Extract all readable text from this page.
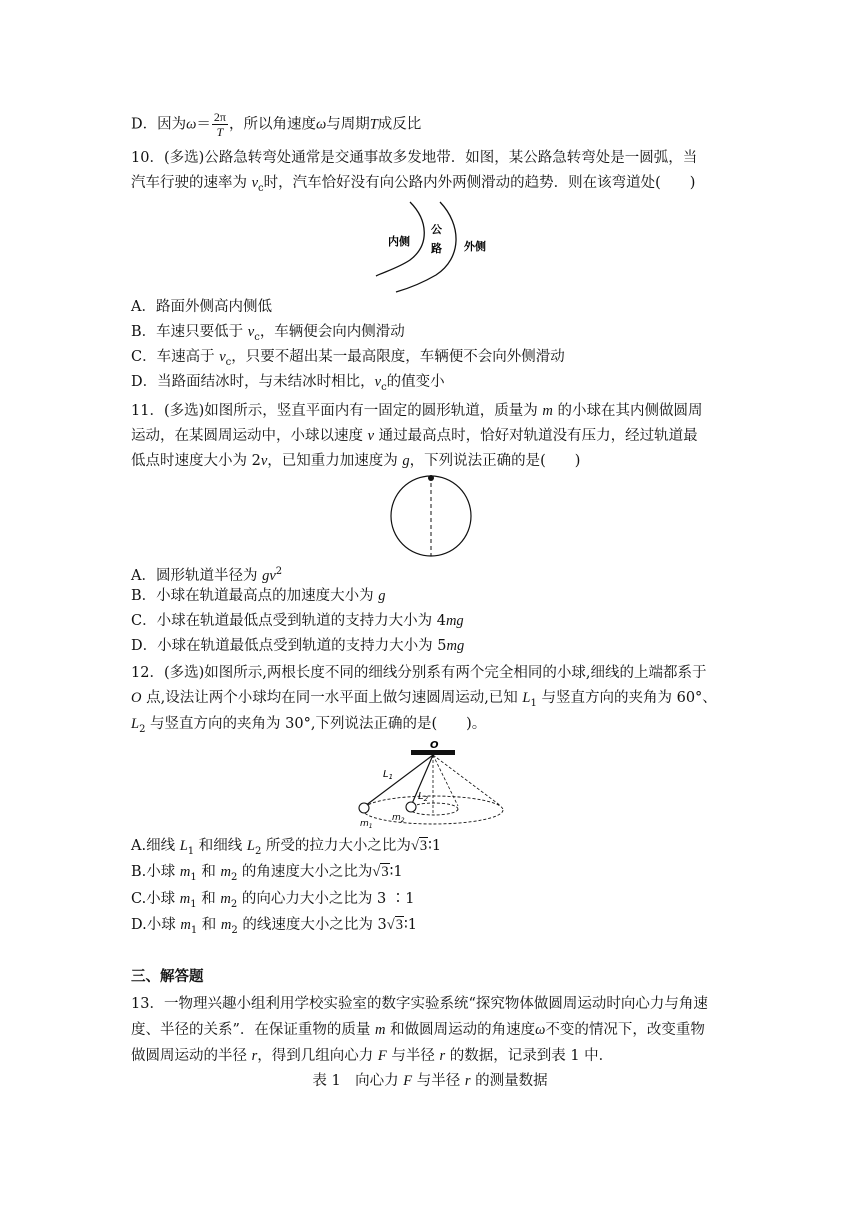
D．因为$\omega= \frac{2\pi}{T}$ ，所以角速度ω与周期T成反比
10．(多选)公路急转弯处通常是交通事故多发地带．如图，某公路急转弯处是一圆弧，当
汽车行驶的速率为 $v_c$时，汽车恰好没有向公路内外两侧滑动的趋势．则在该弯道处(　　)
内侧
公
路 外侧
A．路面外侧高内侧低
B．车速只要低于 $v_c$，车辆便会向内侧滑动
C．车速高于 $v_c$，只要不超出某一最高限度，车辆便不会向外侧滑动
D．当路面结冰时，与未结冰时相比，$v_c$的值变小
11．(多选)如图所示，竖直平面内有一固定的圆形轨道，质量为 m 的小球在其内侧做圆周
运动，在某圆周运动中，小球以速度 v 通过最高点时，恰好对轨道没有压力，经过轨道最
低点时速度大小为 2v，已知重力加速度为 g，下列说法正确的是(　　)
A．圆形轨道半径为 $gv^2$
B．小球在轨道最高点的加速度大小为 g
C．小球在轨道最低点受到轨道的支持力大小为 4mg
D．小球在轨道最低点受到轨道的支持力大小为 5mg
12．(多选)如图所示,两根长度不同的细线分别系有两个完全相同的小球,细线的上端都系于
O 点,设法让两个小球均在同一水平面上做匀速圆周运动,已知 $L_1$ 与竖直方向的夹角为 60°、
$L_2$ 与竖直方向的夹角为 30°,下列说法正确的是(　　)。
O
$L_1$
$L_2$
$m_1$
$m_2$
A.细线 $L_1$ 和细线 $L_2$ 所受的拉力大小之比为√3∶1
B.小球 $m_1$ 和 $m_2$ 的角速度大小之比为√3∶1
C.小球 $m_1$ 和 $m_2$ 的向心力大小之比为 3 ∶1
D.小球 $m_1$ 和 $m_2$ 的线速度大小之比为 3√3∶1
三、解答题
13．一物理兴趣小组利用学校实验室的数字实验系统“探究物体做圆周运动时向心力与角速
度、半径的关系”．在保证重物的质量 m 和做圆周运动的角速度ω不变的情况下，改变重物
做圆周运动的半径 r，得到几组向心力 F 与半径 r 的数据，记录到表 1 中．
表 1　向心力 F 与半径 r 的测量数据
